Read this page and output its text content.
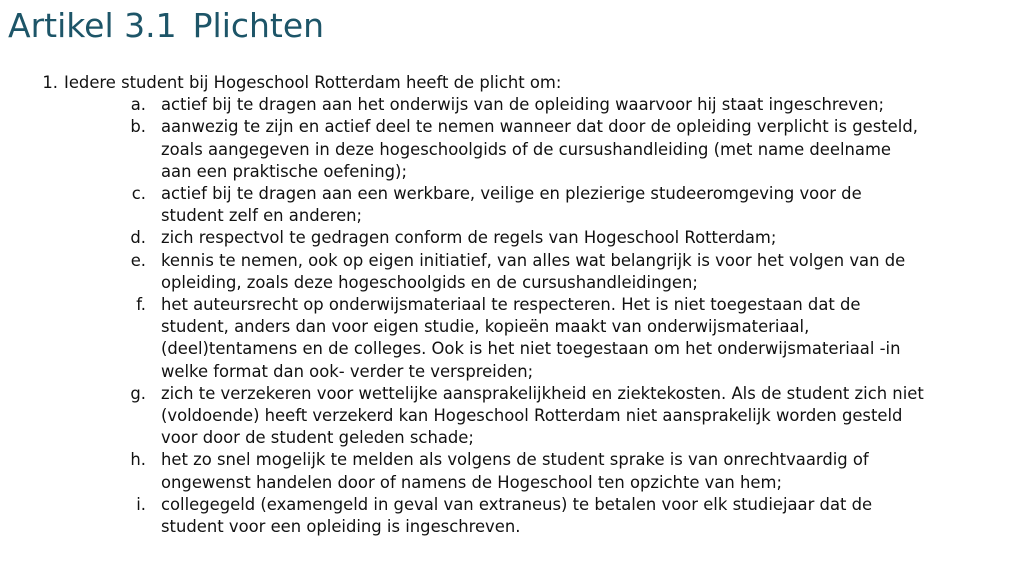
Artikel 3.1 Plichten
1. Iedere student bij Hogeschool Rotterdam heeft de plicht om:
a. actief bij te dragen aan het onderwijs van de opleiding waarvoor hij staat ingeschreven;
b. aanwezig te zijn en actief deel te nemen wanneer dat door de opleiding verplicht is gesteld,
zoals aangegeven in deze hogeschoolgids of de cursushandleiding (met name deelname
aan een praktische oefening);
c. actief bij te dragen aan een werkbare, veilige en plezierige studeeromgeving voor de
student zelf en anderen;
d. zich respectvol te gedragen conform de regels van Hogeschool Rotterdam;
e. kennis te nemen, ook op eigen initiatief, van alles wat belangrijk is voor het volgen van de
opleiding, zoals deze hogeschoolgids en de cursushandleidingen;
f. het auteursrecht op onderwijsmateriaal te respecteren. Het is niet toegestaan dat de
student, anders dan voor eigen studie, kopieën maakt van onderwijsmateriaal,
(deel)tentamens en de colleges. Ook is het niet toegestaan om het onderwijsmateriaal -in
welke format dan ook- verder te verspreiden;
g. zich te verzekeren voor wettelijke aansprakelijkheid en ziektekosten. Als de student zich niet
(voldoende) heeft verzekerd kan Hogeschool Rotterdam niet aansprakelijk worden gesteld
voor door de student geleden schade;
h. het zo snel mogelijk te melden als volgens de student sprake is van onrechtvaardig of
ongewenst handelen door of namens de Hogeschool ten opzichte van hem;
i. collegegeld (examengeld in geval van extraneus) te betalen voor elk studiejaar dat de
student voor een opleiding is ingeschreven.
